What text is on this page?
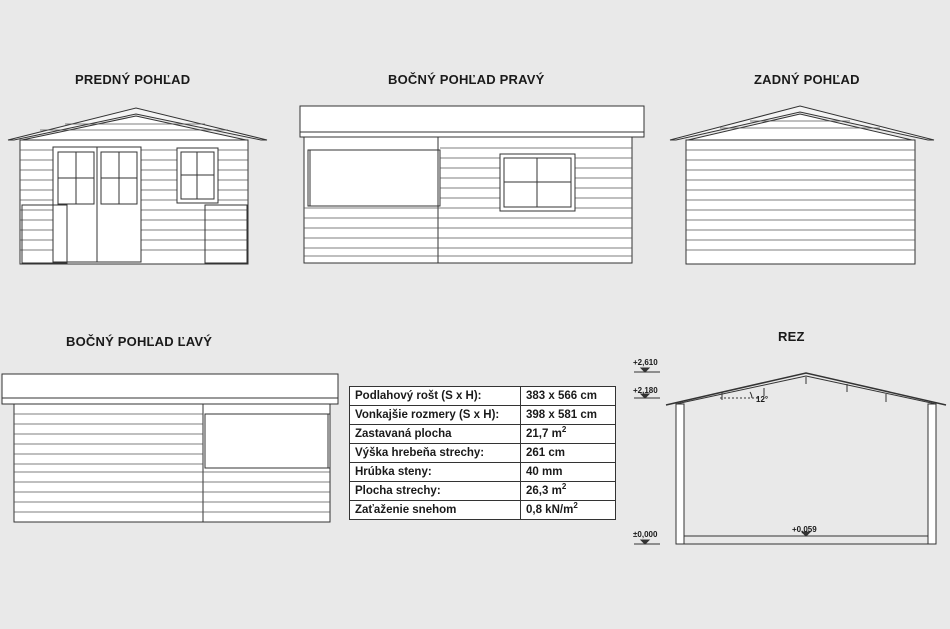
PREDNÝ POHĽAD	BOČNÝ POHĽAD PRAVÝ	ZADNÝ POHĽAD
BOČNÝ POHĽAD ĽAVÝ	REZ
+2,610
+2,180
±0,000
+0,059
12°
Podlahový rošt (S x H):	383 x 566 cm
Vonkajšie rozmery (S x H):	398 x 581 cm
Zastavaná plocha	21,7 $m^2$
Výška hrebeňa strechy:	261 cm
Hrúbka steny:	40 mm
Plocha strechy:	26,3 $m^2$
Zaťaženie snehom	0,8 $kN/m^2$
